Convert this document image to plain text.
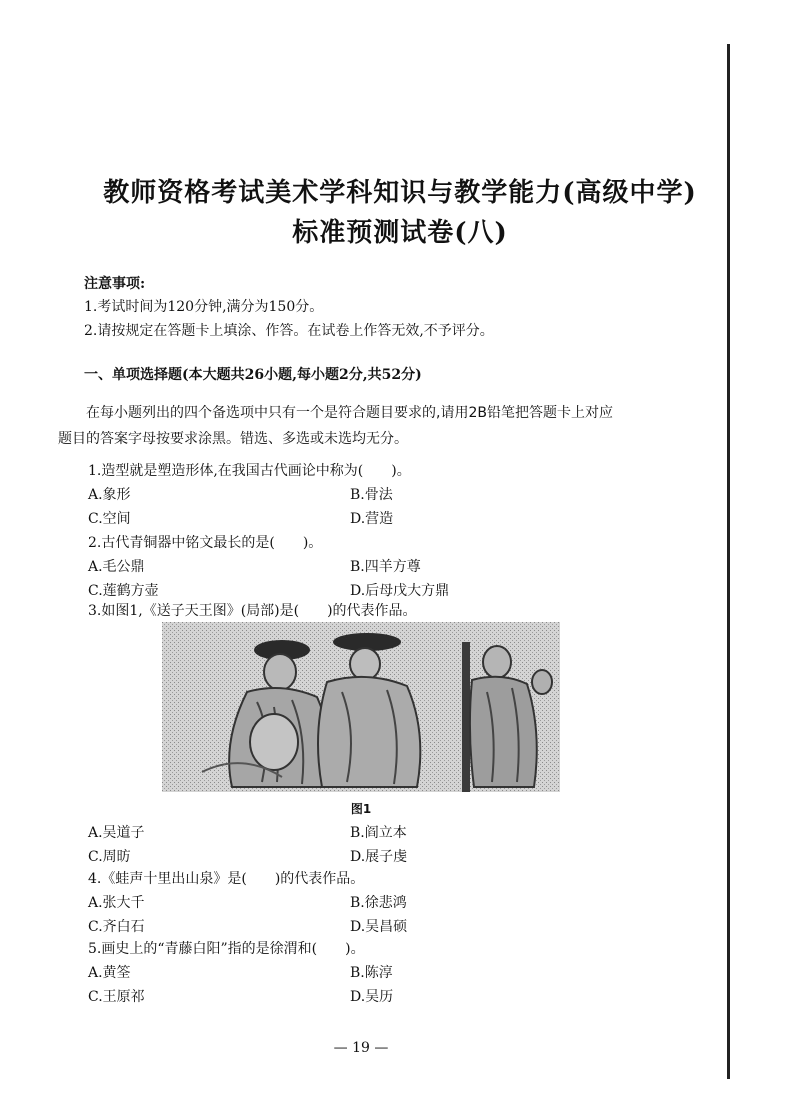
教师资格考试美术学科知识与教学能力(高级中学)
标准预测试卷(八)
注意事项:
1.考试时间为120分钟,满分为150分。
2.请按规定在答题卡上填涂、作答。在试卷上作答无效,不予评分。
一、单项选择题(本大题共26小题,每小题2分,共52分)
在每小题列出的四个备选项中只有一个是符合题目要求的,请用2B铅笔把答题卡上对应
题目的答案字母按要求涂黑。错选、多选或未选均无分。
1.造型就是塑造形体,在我国古代画论中称为(　　)。
A.象形	B.骨法
C.空间	D.营造
2.古代青铜器中铭文最长的是(　　)。
A.毛公鼎	B.四羊方尊
C.莲鹤方壶	D.后母戊大方鼎
3.如图1,《送子天王图》(局部)是(　　)的代表作品。
图1
A.吴道子	B.阎立本
C.周昉	D.展子虔
4.《蛙声十里出山泉》是(　　)的代表作品。
A.张大千	B.徐悲鸿
C.齐白石	D.吴昌硕
5.画史上的“青藤白阳”指的是徐渭和(　　)。
A.黄筌	B.陈淳
C.王原祁	D.吴历
— 19 —
